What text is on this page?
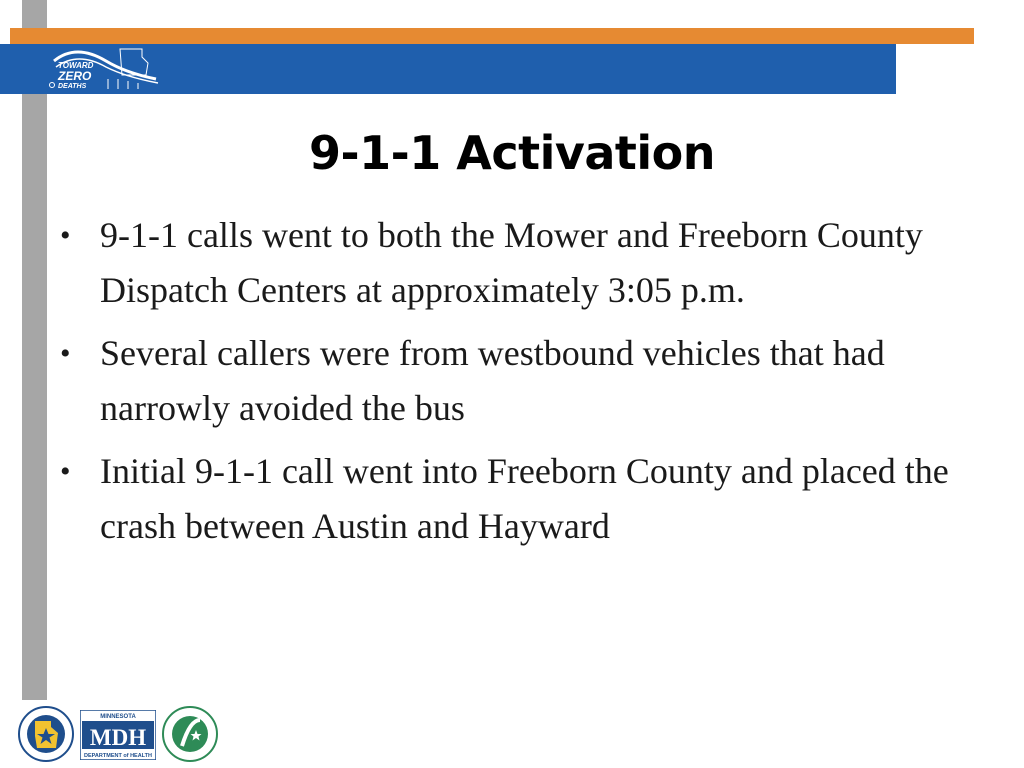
TOWARD
ZERO
DEATHS
9-1-1 Activation
• 9-1-1 calls went to both the Mower and Freeborn County Dispatch Centers at approximately 3:05 p.m.
• Several callers were from westbound vehicles that had narrowly avoided the bus
• Initial 9-1-1 call went into Freeborn County and placed the crash between Austin and Hayward
MINNESOTA
MDH
DEPARTMENT of HEALTH
